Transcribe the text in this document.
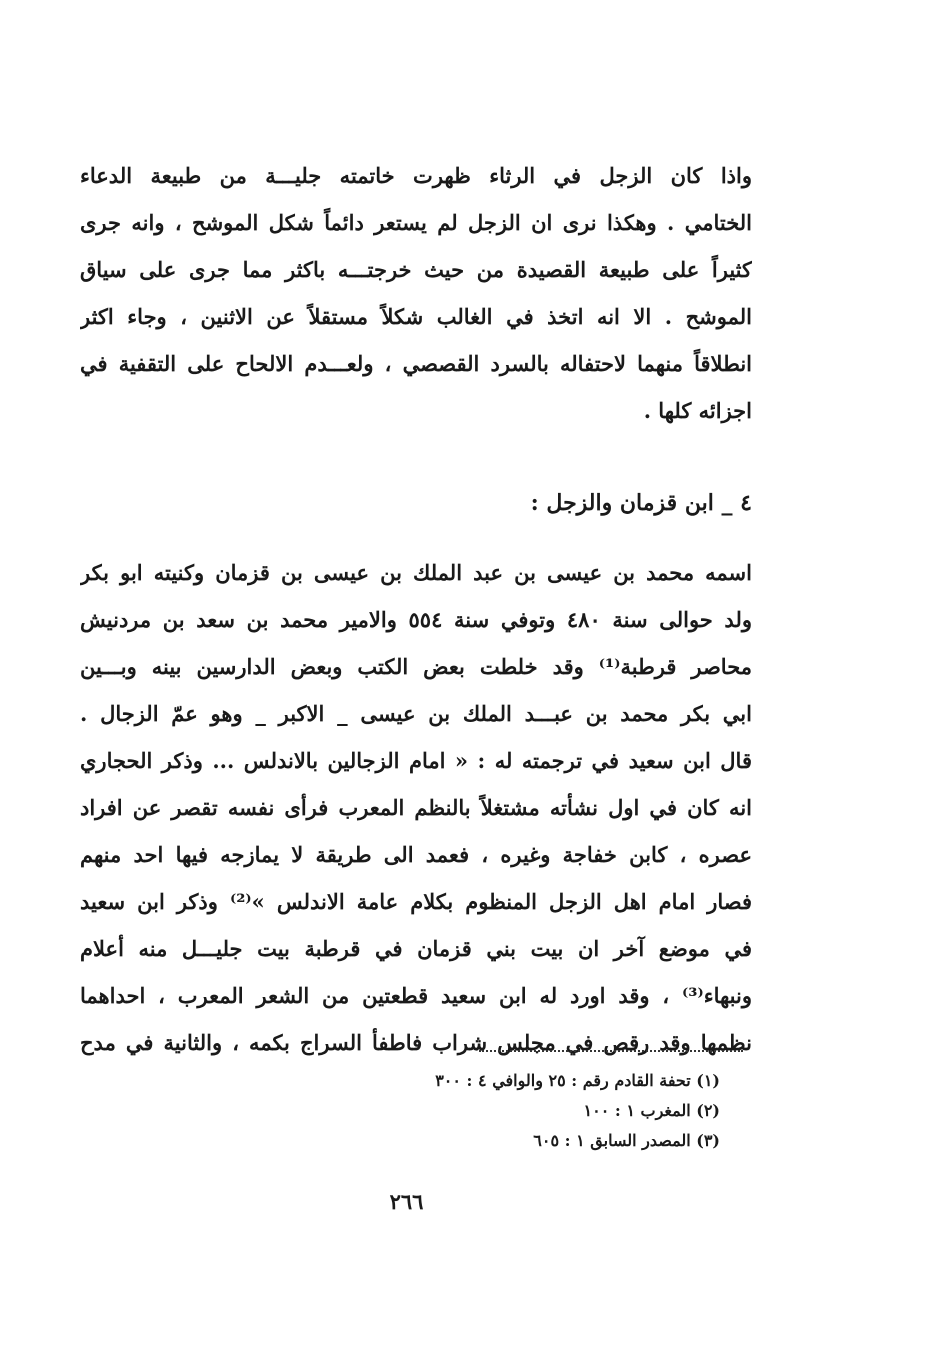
واذا كان الزجل في الرثاء ظهرت خاتمته جليـــة من طبيعة الدعاء
الختامي . وهكذا نرى ان الزجل لم يستعر دائماً شكل الموشح ، وانه جرى
كثيراً على طبيعة القصيدة من حيث خرجتـــه باكثر مما جرى على سياق
الموشح . الا انه اتخذ في الغالب شكلاً مستقلاً عن الاثنين ، وجاء اكثر
انطلاقاً منهما لاحتفاله بالسرد القصصي ، ولعـــدم الالحاح على التقفية في
اجزائه كلها .
٤ _ ابن قزمان والزجل :
اسمه محمد بن عيسى بن عبد الملك بن عيسى بن قزمان وكنيته ابو بكر
ولد حوالى سنة ٤٨٠ وتوفي سنة ٥٥٤ والامير محمد بن سعد بن مردنيش
محاصر قرطبة⁽¹⁾ وقد خلطت بعض الكتب وبعض الدارسين بينه وبـــين
ابي بكر محمد بن عبـــد الملك بن عيسى _ الاكبر _ وهو عمّ الزجال .
قال ابن سعيد في ترجمته له : « امام الزجالين بالاندلس ... وذكر الحجاري
انه كان في اول نشأته مشتغلاً بالنظم المعرب فرأى نفسه تقصر عن افراد
عصره ، كابن خفاجة وغيره ، فعمد الى طريقة لا يمازجه فيها احد منهم
فصار امام اهل الزجل المنظوم بكلام عامة الاندلس »⁽²⁾ وذكر ابن سعيد
في موضع آخر ان بيت بني قزمان في قرطبة بيت جليـــل منه أعلام
ونبهاء⁽³⁾ ، وقد اورد له ابن سعيد قطعتين من الشعر المعرب ، احداهما
نظمها وقد رقص في مجلس شراب فاطفأ السراج بكمه ، والثانية في مدح
(١) تحفة القادم رقم : ٢٥ والوافي ٤ : ٣٠٠
(٢) المغرب ١ : ١٠٠
(٣) المصدر السابق ١ : ٦٠٥
٢٦٦
